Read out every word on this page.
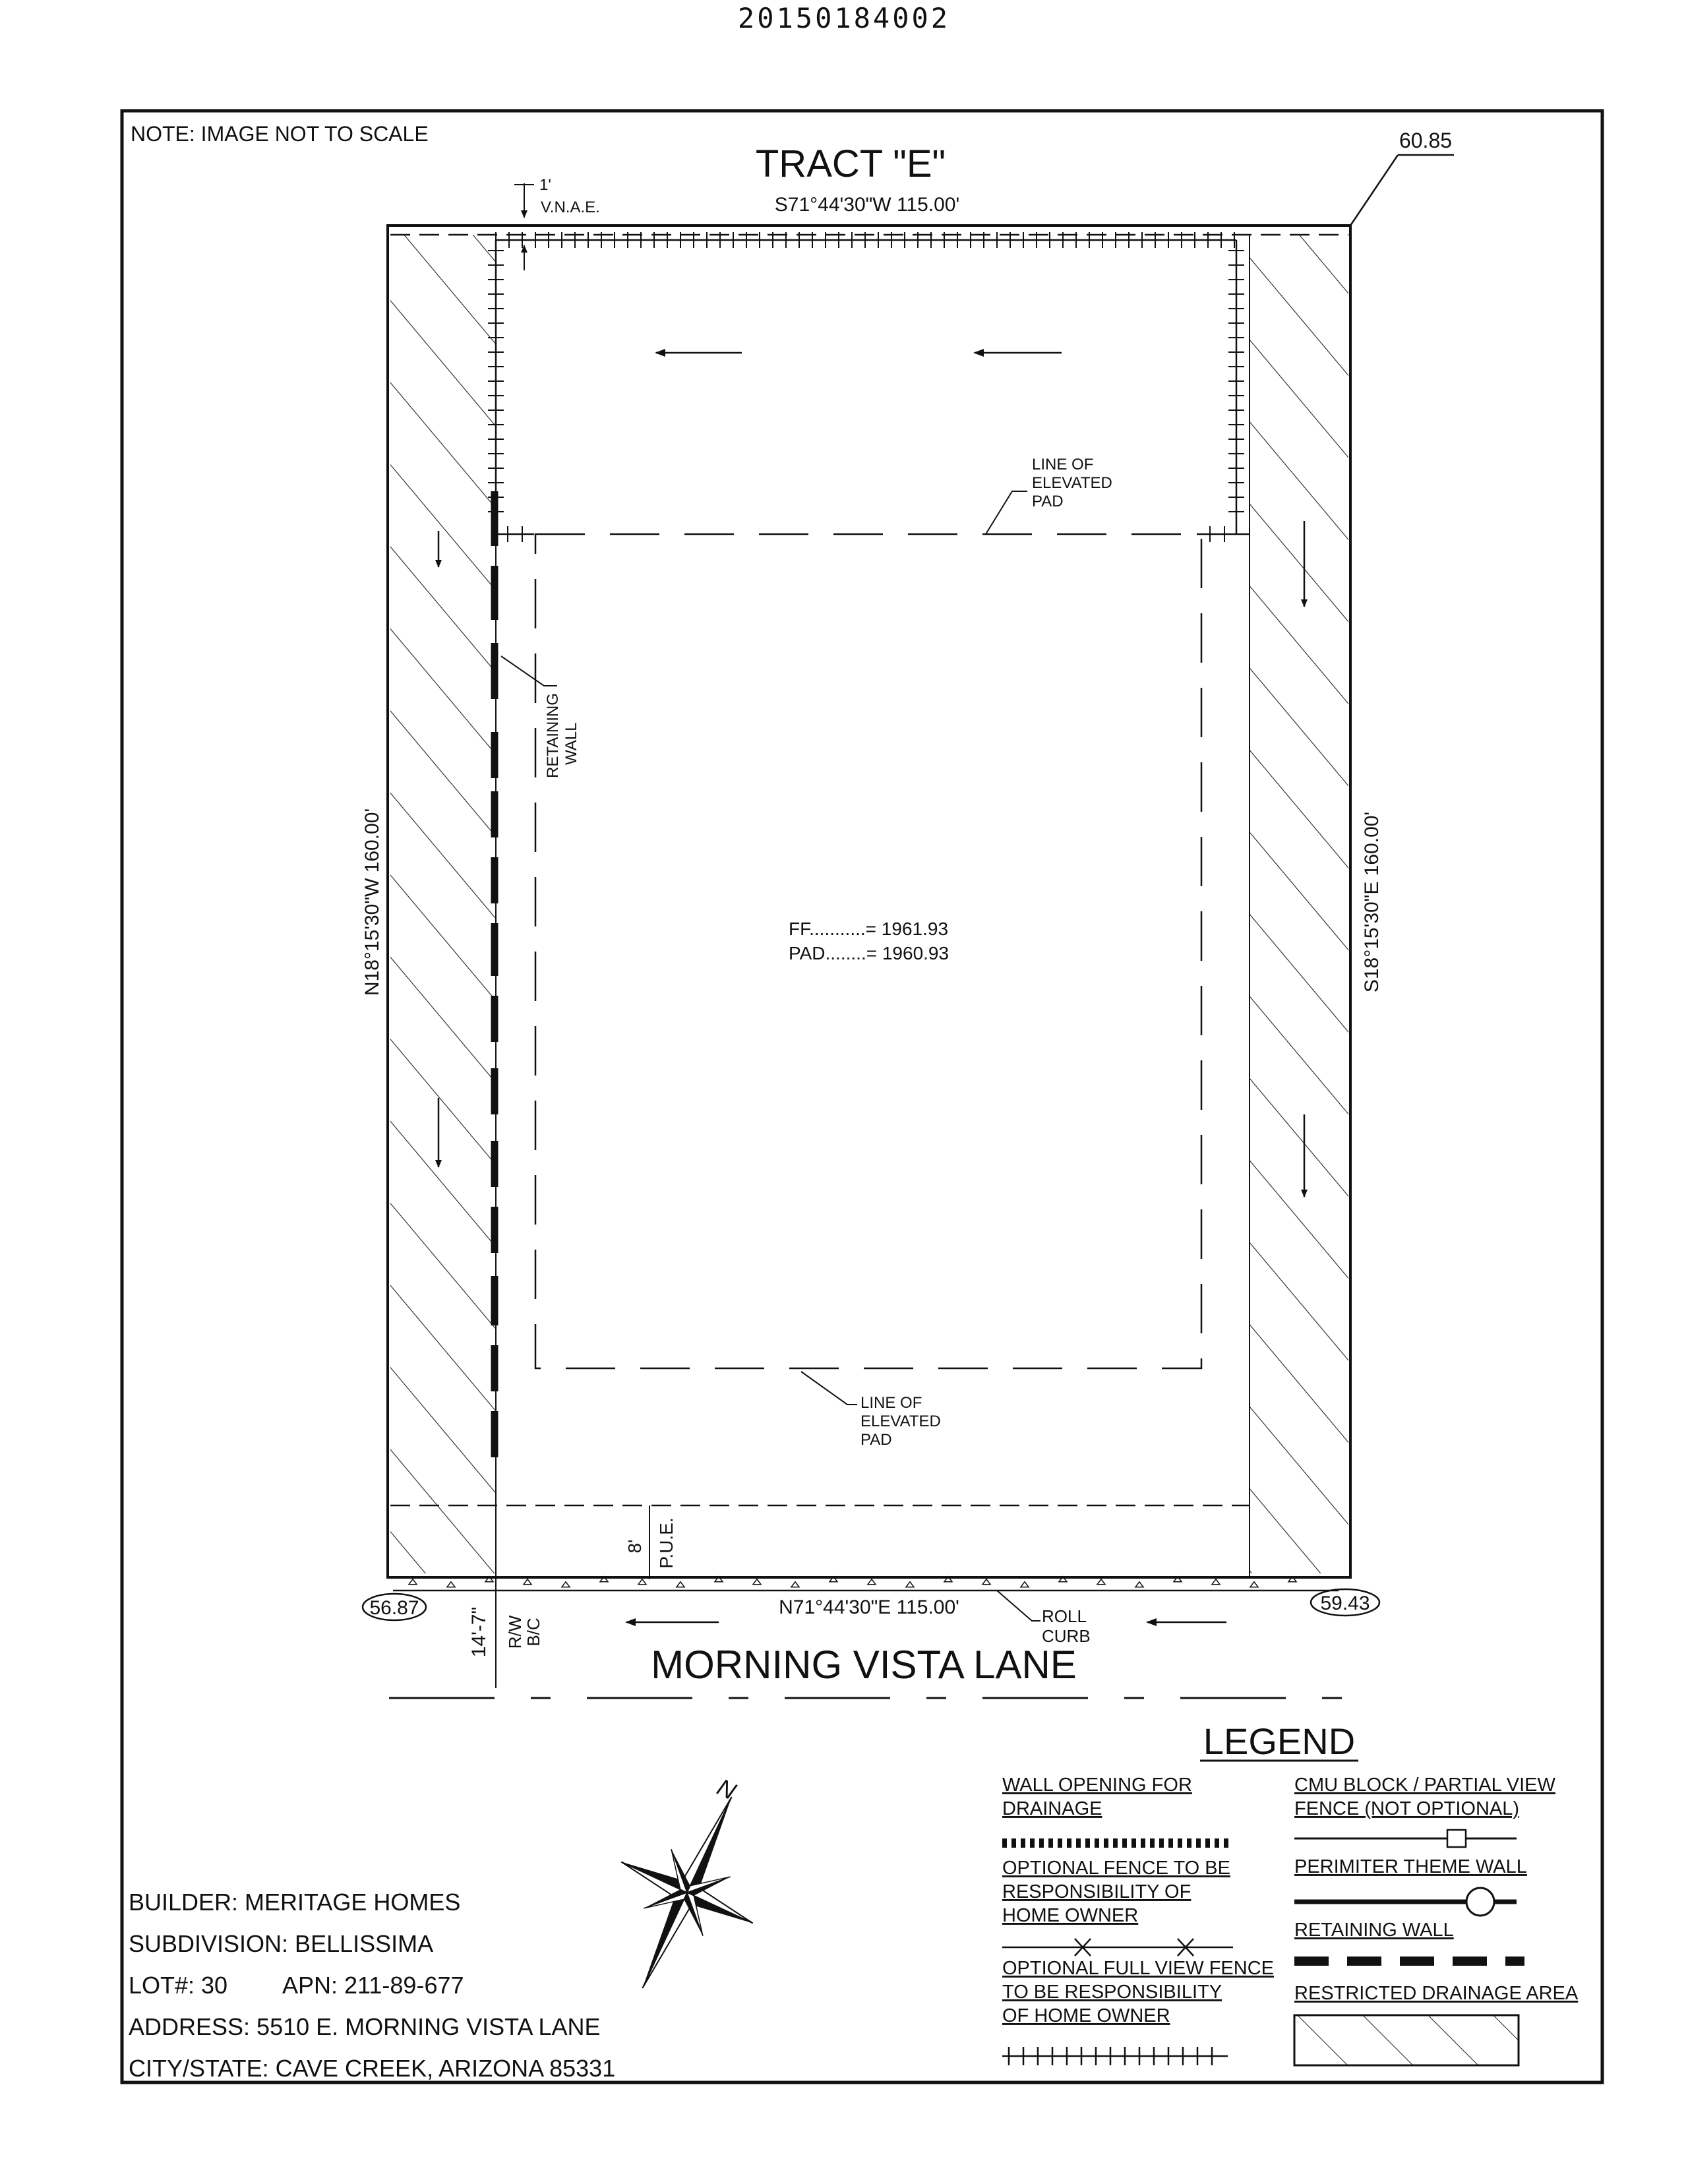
20150184002
NOTE: IMAGE NOT TO SCALE
TRACT "E"
S71°44'30"W 115.00'
1'
V.N.A.E.
60.85
56.87	59.43
LINE OF
ELEVATED
PAD
LINE OF
ELEVATED
PAD
RETAINING WALL
N18°15'30"W 160.00'	S18°15'30"E 160.00'
FF...........= 1961.93
PAD........= 1960.93
8' P.U.E.
N71°44'30"E 115.00'	ROLL
CURB
14'-7" R/W
B/C
MORNING VISTA LANE
LEGEND
WALL OPENING FOR
DRAINAGE
OPTIONAL FENCE TO BE
RESPONSIBILITY OF
HOME OWNER
OPTIONAL FULL VIEW FENCE
TO BE RESPONSIBILITY
OF HOME OWNER
CMU BLOCK / PARTIAL VIEW
FENCE (NOT OPTIONAL)
PERIMITER THEME WALL
RETAINING WALL
RESTRICTED DRAINAGE AREA
N
BUILDER: MERITAGE HOMES
SUBDIVISION: BELLISSIMA
LOT#: 30 APN: 211-89-677
ADDRESS: 5510 E. MORNING VISTA LANE
CITY/STATE: CAVE CREEK, ARIZONA 85331
